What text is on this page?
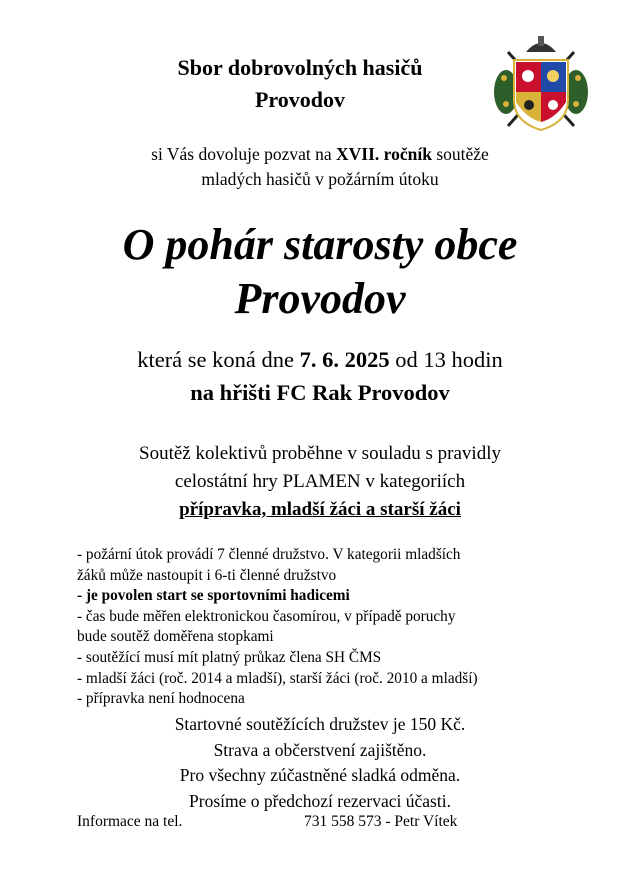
Sbor dobrovolných hasičů
Provodov
si Vás dovoluje pozvat na XVII. ročník soutěže
mladých hasičů v požárním útoku
O pohár starosty obce
Provodov
která se koná dne 7. 6. 2025 od 13 hodin
na hřišti FC Rak Provodov
Soutěž kolektivů proběhne v souladu s pravidly
celostátní hry PLAMEN v kategoriích
přípravka, mladší žáci a starší žáci
- požární útok provádí 7 členné družstvo. V kategorii mladších
žáků může nastoupit i 6-ti členné družstvo
- je povolen start se sportovními hadicemi
- čas bude měřen elektronickou časomírou, v případě poruchy
bude soutěž doměřena stopkami
- soutěžící musí mít platný průkaz člena SH ČMS
- mladší žáci (roč. 2014 a mladší), starší žáci (roč. 2010 a mladší)
- přípravka není hodnocena
Startovné soutěžících družstev je 150 Kč.
Strava a občerstvení zajištěno.
Pro všechny zúčastněné sladká odměna.
Prosíme o předchozí rezervaci účasti.
Informace na tel.	731 558 573 - Petr Vítek
